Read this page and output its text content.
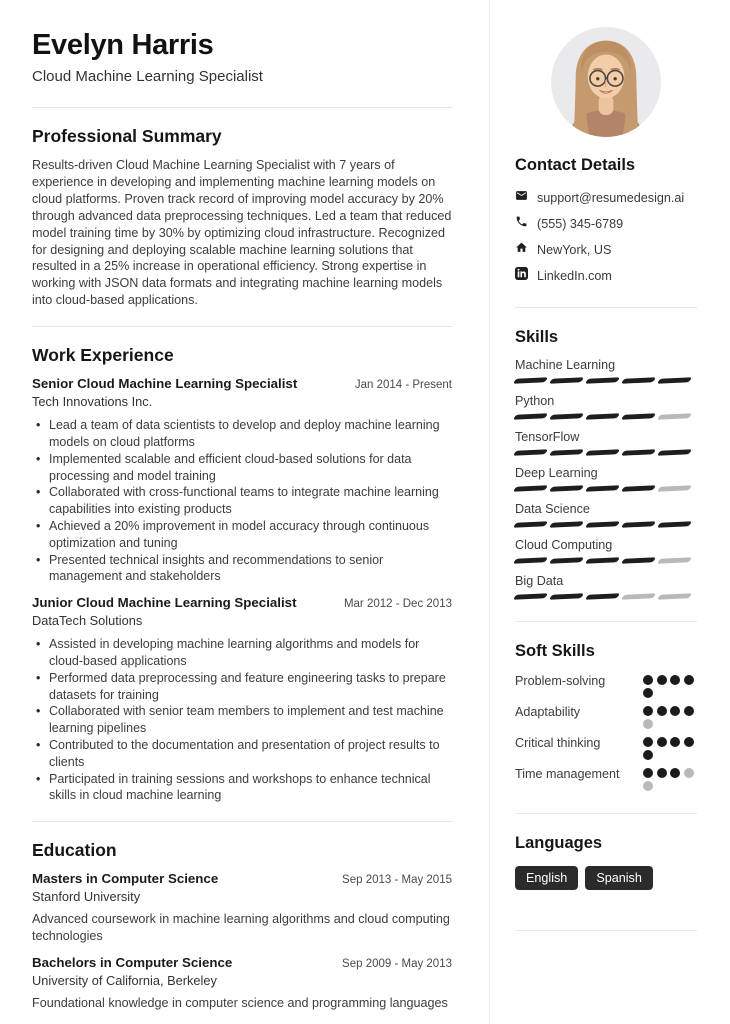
Evelyn Harris
Cloud Machine Learning Specialist
Professional Summary

Results-driven Cloud Machine Learning Specialist with 7 years of experience in developing and implementing machine learning models on cloud platforms. Proven track record of improving model accuracy by 20% through advanced data preprocessing techniques. Led a team that reduced model training time by 30% by optimizing cloud infrastructure. Recognized for designing and deploying scalable machine learning solutions that resulted in a 25% increase in operational efficiency. Strong expertise in working with JSON data formats and integrating machine learning models into cloud-based applications.

Work Experience
Senior Cloud Machine Learning Specialist	Jan 2014 - Present
Tech Innovations Inc.
• Lead a team of data scientists to develop and deploy machine learning models on cloud platforms
• Implemented scalable and efficient cloud-based solutions for data processing and model training
• Collaborated with cross-functional teams to integrate machine learning capabilities into existing products
• Achieved a 20% improvement in model accuracy through continuous optimization and tuning
• Presented technical insights and recommendations to senior management and stakeholders
Junior Cloud Machine Learning Specialist	Mar 2012 - Dec 2013
DataTech Solutions
• Assisted in developing machine learning algorithms and models for cloud-based applications
• Performed data preprocessing and feature engineering tasks to prepare datasets for training
• Collaborated with senior team members to implement and test machine learning pipelines
• Contributed to the documentation and presentation of project results to clients
• Participated in training sessions and workshops to enhance technical skills in cloud machine learning
Education
Masters in Computer Science	Sep 2013 - May 2015
Stanford University
Advanced coursework in machine learning algorithms and cloud computing technologies
Bachelors in Computer Science	Sep 2009 - May 2013
University of California, Berkeley
Foundational knowledge in computer science and programming languages
Contact Details
support@resumedesign.ai
(555) 345-6789
NewYork, US
LinkedIn.com
Skills
Machine Learning
Python
TensorFlow
Deep Learning
Data Science
Cloud Computing
Big Data
Soft Skills
Problem-solving
Adaptability
Critical thinking
Time management
Languages
English Spanish
